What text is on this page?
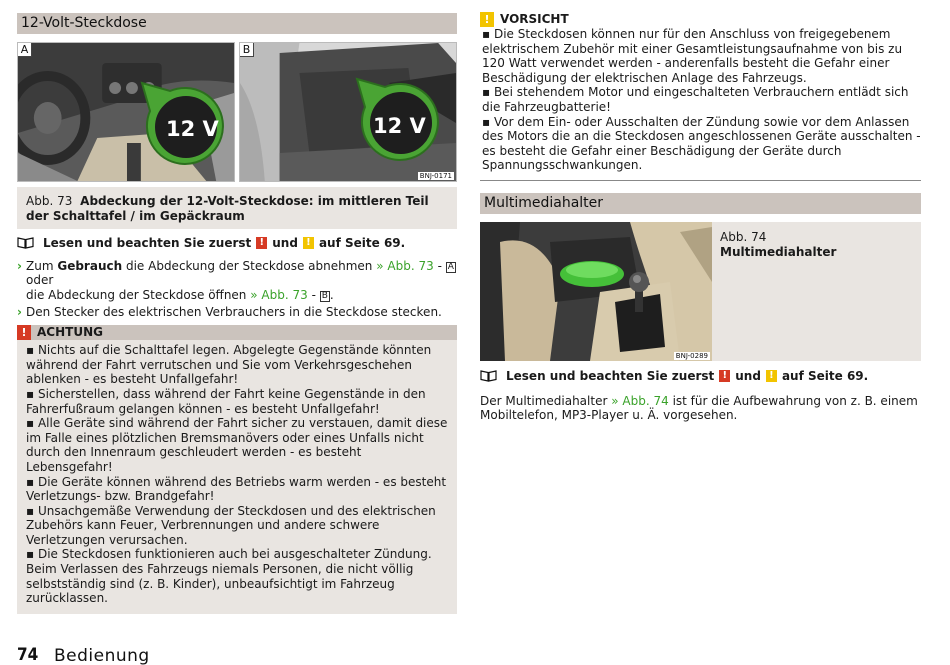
12-Volt-Steckdose
A
12 V
B
12 V
BNJ-0171
Abb. 73 Abdeckung der 12-Volt-Steckdose: im mittleren Teil der Schalttafel / im Gepäckraum
Lesen und beachten Sie zuerst ! und ! auf Seite 69.
› Zum Gebrauch die Abdeckung der Steckdose abnehmen » Abb. 73 - A oder
die Abdeckung der Steckdose öffnen » Abb. 73 - B .
› Den Stecker des elektrischen Verbrauchers in die Steckdose stecken.
! ACHTUNG

▪ Nichts auf die Schalttafel legen. Abgelegte Gegenstände könnten während der Fahrt verrutschen und Sie vom Verkehrsgeschehen ablenken - es besteht Unfallgefahr!

▪ Sicherstellen, dass während der Fahrt keine Gegenstände in den Fahrerfußraum gelangen können - es besteht Unfallgefahr!

▪ Alle Geräte sind während der Fahrt sicher zu verstauen, damit diese im Falle eines plötzlichen Bremsmanövers oder eines Unfalls nicht durch den Innenraum geschleudert werden - es besteht Lebensgefahr!

▪ Die Geräte können während des Betriebs warm werden - es besteht Verletzungs- bzw. Brandgefahr!

▪ Unsachgemäße Verwendung der Steckdosen und des elektrischen Zubehörs kann Feuer, Verbrennungen und andere schwere Verletzungen verursachen.

▪ Die Steckdosen funktionieren auch bei ausgeschalteter Zündung. Beim Verlassen des Fahrzeugs niemals Personen, die nicht völlig selbstständig sind (z. B. Kinder), unbeaufsichtigt im Fahrzeug zurücklassen.

! VORSICHT

▪ Die Steckdosen können nur für den Anschluss von freigegebenem elektrischem Zubehör mit einer Gesamtleistungsaufnahme von bis zu 120 Watt verwendet werden - anderenfalls besteht die Gefahr einer Beschädigung der elektrischen Anlage des Fahrzeugs.

▪ Bei stehendem Motor und eingeschalteten Verbrauchern entlädt sich die Fahrzeugbatterie!

▪ Vor dem Ein- oder Ausschalten der Zündung sowie vor dem Anlassen des Motors die an die Steckdosen angeschlossenen Geräte ausschalten - es besteht die Gefahr einer Beschädigung der Geräte durch Spannungsschwankungen.

Multimediahalter
BNJ-0289
Abb. 74
Multimediahalter
Lesen und beachten Sie zuerst ! und ! auf Seite 69.
Der Multimediahalter » Abb. 74 ist für die Aufbewahrung von z. B. einem Mobiltelefon, MP3-Player u. Ä. vorgesehen.
74 Bedienung
